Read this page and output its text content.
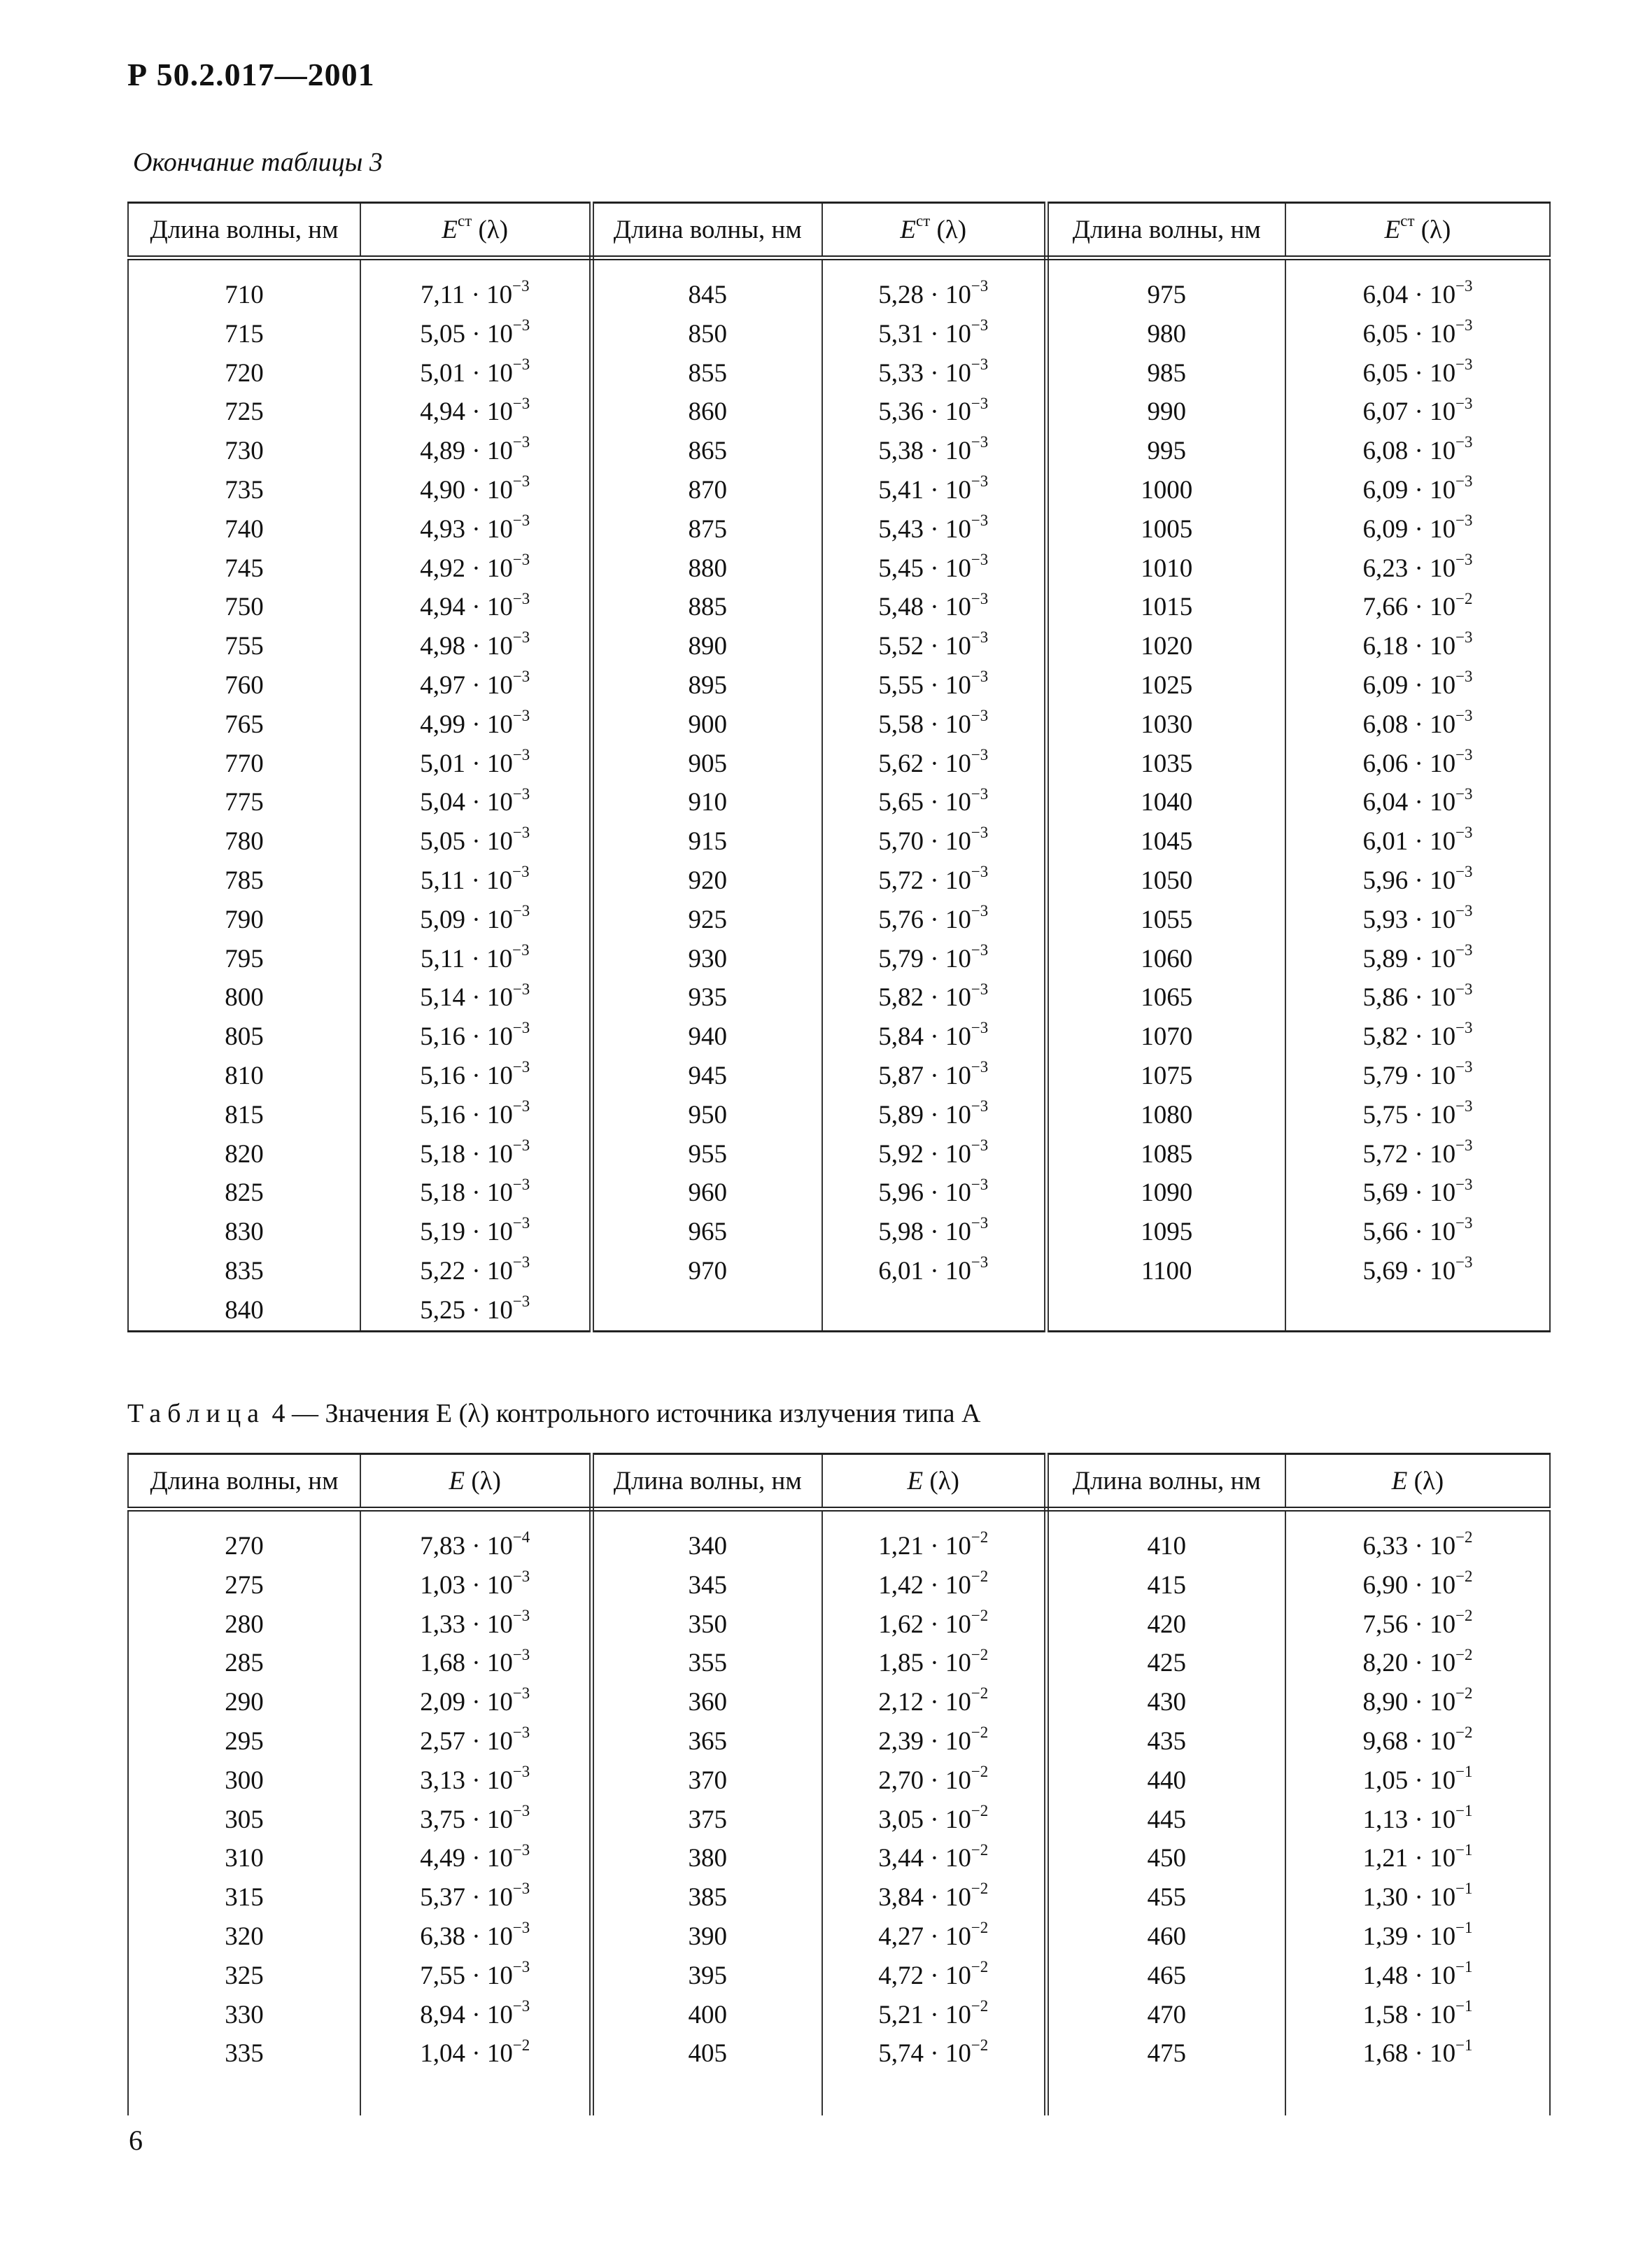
Р 50.2.017—2001
Окончание таблицы 3
Длина волны, нм	$E^{ст}$ (λ)	Длина волны, нм	$E^{ст}$ (λ)	Длина волны, нм	$E^{ст}$ (λ)
710	$7,11 \cdot 10^{-3}$	845	$5,28 \cdot 10^{-3}$	975	$6,04 \cdot 10^{-3}$
715	$5,05 \cdot 10^{-3}$	850	$5,31 \cdot 10^{-3}$	980	$6,05 \cdot 10^{-3}$
720	$5,01 \cdot 10^{-3}$	855	$5,33 \cdot 10^{-3}$	985	$6,05 \cdot 10^{-3}$
725	$4,94 \cdot 10^{-3}$	860	$5,36 \cdot 10^{-3}$	990	$6,07 \cdot 10^{-3}$
730	$4,89 \cdot 10^{-3}$	865	$5,38 \cdot 10^{-3}$	995	$6,08 \cdot 10^{-3}$
735	$4,90 \cdot 10^{-3}$	870	$5,41 \cdot 10^{-3}$	1000	$6,09 \cdot 10^{-3}$
740	$4,93 \cdot 10^{-3}$	875	$5,43 \cdot 10^{-3}$	1005	$6,09 \cdot 10^{-3}$
745	$4,92 \cdot 10^{-3}$	880	$5,45 \cdot 10^{-3}$	1010	$6,23 \cdot 10^{-3}$
750	$4,94 \cdot 10^{-3}$	885	$5,48 \cdot 10^{-3}$	1015	$7,66 \cdot 10^{-2}$
755	$4,98 \cdot 10^{-3}$	890	$5,52 \cdot 10^{-3}$	1020	$6,18 \cdot 10^{-3}$
760	$4,97 \cdot 10^{-3}$	895	$5,55 \cdot 10^{-3}$	1025	$6,09 \cdot 10^{-3}$
765	$4,99 \cdot 10^{-3}$	900	$5,58 \cdot 10^{-3}$	1030	$6,08 \cdot 10^{-3}$
770	$5,01 \cdot 10^{-3}$	905	$5,62 \cdot 10^{-3}$	1035	$6,06 \cdot 10^{-3}$
775	$5,04 \cdot 10^{-3}$	910	$5,65 \cdot 10^{-3}$	1040	$6,04 \cdot 10^{-3}$
780	$5,05 \cdot 10^{-3}$	915	$5,70 \cdot 10^{-3}$	1045	$6,01 \cdot 10^{-3}$
785	$5,11 \cdot 10^{-3}$	920	$5,72 \cdot 10^{-3}$	1050	$5,96 \cdot 10^{-3}$
790	$5,09 \cdot 10^{-3}$	925	$5,76 \cdot 10^{-3}$	1055	$5,93 \cdot 10^{-3}$
795	$5,11 \cdot 10^{-3}$	930	$5,79 \cdot 10^{-3}$	1060	$5,89 \cdot 10^{-3}$
800	$5,14 \cdot 10^{-3}$	935	$5,82 \cdot 10^{-3}$	1065	$5,86 \cdot 10^{-3}$
805	$5,16 \cdot 10^{-3}$	940	$5,84 \cdot 10^{-3}$	1070	$5,82 \cdot 10^{-3}$
810	$5,16 \cdot 10^{-3}$	945	$5,87 \cdot 10^{-3}$	1075	$5,79 \cdot 10^{-3}$
815	$5,16 \cdot 10^{-3}$	950	$5,89 \cdot 10^{-3}$	1080	$5,75 \cdot 10^{-3}$
820	$5,18 \cdot 10^{-3}$	955	$5,92 \cdot 10^{-3}$	1085	$5,72 \cdot 10^{-3}$
825	$5,18 \cdot 10^{-3}$	960	$5,96 \cdot 10^{-3}$	1090	$5,69 \cdot 10^{-3}$
830	$5,19 \cdot 10^{-3}$	965	$5,98 \cdot 10^{-3}$	1095	$5,66 \cdot 10^{-3}$
835	$5,22 \cdot 10^{-3}$	970	$6,01 \cdot 10^{-3}$	1100	$5,69 \cdot 10^{-3}$
840	$5,25 \cdot 10^{-3}$				
Таблица 4 — Значения E (λ) контрольного источника излучения типа А
Длина волны, нм	E (λ)	Длина волны, нм	E (λ)	Длина волны, нм	E (λ)
270	$7,83 \cdot 10^{-4}$	340	$1,21 \cdot 10^{-2}$	410	$6,33 \cdot 10^{-2}$
275	$1,03 \cdot 10^{-3}$	345	$1,42 \cdot 10^{-2}$	415	$6,90 \cdot 10^{-2}$
280	$1,33 \cdot 10^{-3}$	350	$1,62 \cdot 10^{-2}$	420	$7,56 \cdot 10^{-2}$
285	$1,68 \cdot 10^{-3}$	355	$1,85 \cdot 10^{-2}$	425	$8,20 \cdot 10^{-2}$
290	$2,09 \cdot 10^{-3}$	360	$2,12 \cdot 10^{-2}$	430	$8,90 \cdot 10^{-2}$
295	$2,57 \cdot 10^{-3}$	365	$2,39 \cdot 10^{-2}$	435	$9,68 \cdot 10^{-2}$
300	$3,13 \cdot 10^{-3}$	370	$2,70 \cdot 10^{-2}$	440	$1,05 \cdot 10^{-1}$
305	$3,75 \cdot 10^{-3}$	375	$3,05 \cdot 10^{-2}$	445	$1,13 \cdot 10^{-1}$
310	$4,49 \cdot 10^{-3}$	380	$3,44 \cdot 10^{-2}$	450	$1,21 \cdot 10^{-1}$
315	$5,37 \cdot 10^{-3}$	385	$3,84 \cdot 10^{-2}$	455	$1,30 \cdot 10^{-1}$
320	$6,38 \cdot 10^{-3}$	390	$4,27 \cdot 10^{-2}$	460	$1,39 \cdot 10^{-1}$
325	$7,55 \cdot 10^{-3}$	395	$4,72 \cdot 10^{-2}$	465	$1,48 \cdot 10^{-1}$
330	$8,94 \cdot 10^{-3}$	400	$5,21 \cdot 10^{-2}$	470	$1,58 \cdot 10^{-1}$
335	$1,04 \cdot 10^{-2}$	405	$5,74 \cdot 10^{-2}$	475	$1,68 \cdot 10^{-1}$

6
